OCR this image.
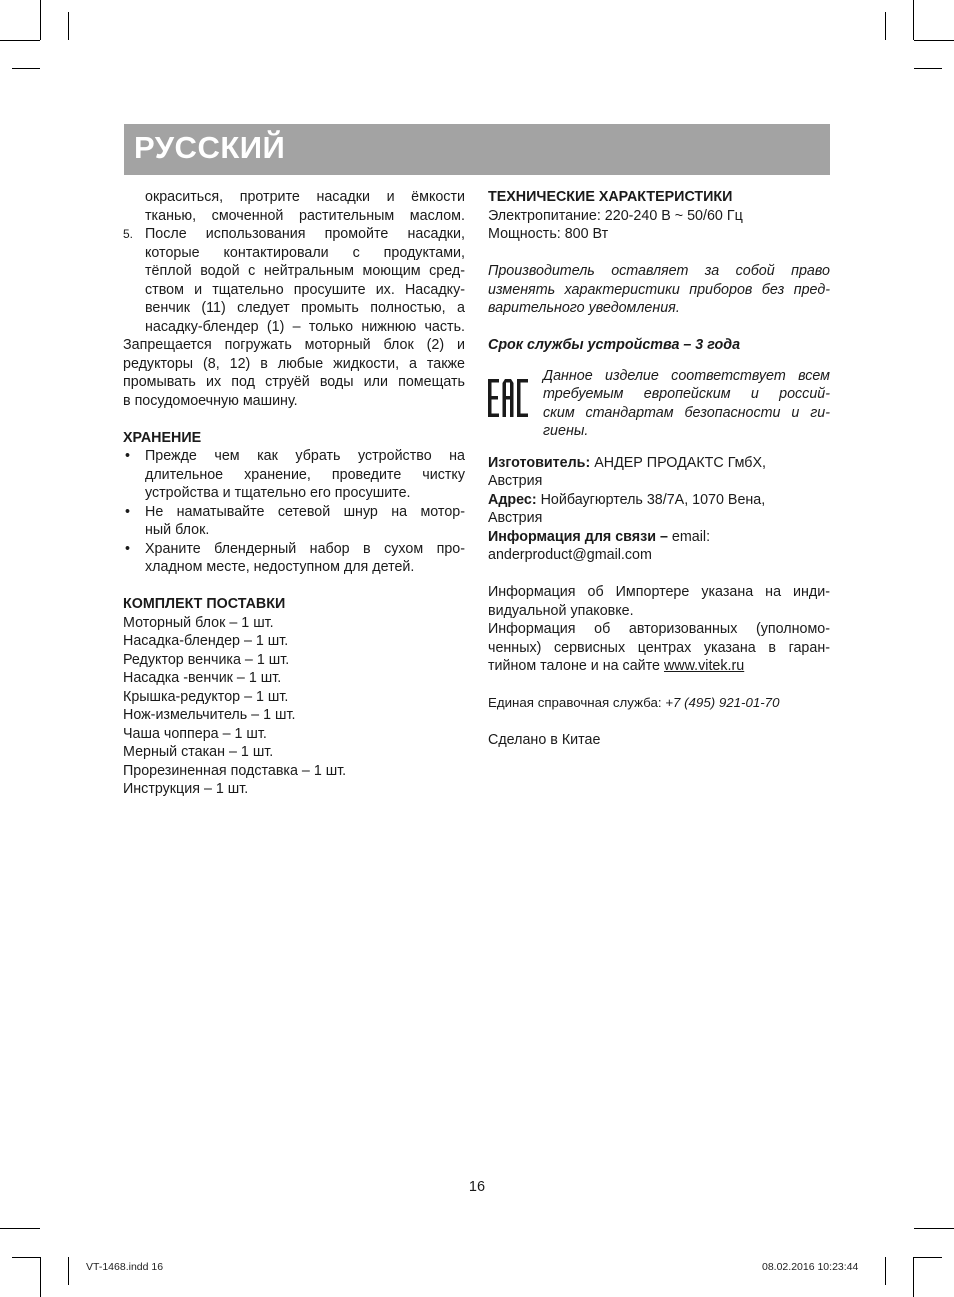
РУССКИЙ
окраситься, протрите насадки и ёмкости
тканью, смоченной растительным маслом.
5. После использования промойте насадки,
которые контактировали с продуктами,
тёплой водой с нейтральным моющим сред-
ством и тщательно просушите их. Насадку-
венчик (11) следует промыть полностью, а
насадку-блендер (1) – только нижнюю часть.
Запрещается погружать моторный блок (2) и
редукторы (8, 12) в любые жидкости, а также
промывать их под струёй воды или помещать
в посудомоечную машину.
ХРАНЕНИЕ
• Прежде чем как убрать устройство на
длительное хранение, проведите чистку
устройства и тщательно его просушите.
• Не наматывайте сетевой шнур на мотор-
ный блок.
• Храните блендерный набор в сухом про-
хладном месте, недоступном для детей.
КОМПЛЕКТ ПОСТАВКИ
Моторный блок – 1 шт.
Насадка-блендер – 1 шт.
Редуктор венчика – 1 шт.
Насадка -венчик – 1 шт.
Крышка-редуктор – 1 шт.
Нож-измельчитель – 1 шт.
Чаша чоппера – 1 шт.
Мерный стакан – 1 шт.
Прорезиненная подставка – 1 шт.
Инструкция – 1 шт.
ТЕХНИЧЕСКИЕ ХАРАКТЕРИСТИКИ
Электропитание: 220-240 В ~ 50/60 Гц
Мощность: 800 Вт
Производитель оставляет за собой право
изменять характеристики приборов без пред-
варительного уведомления.
Срок службы устройства – 3 года
Данное изделие соответствует всем
требуемым европейским и россий-
ским стандартам безопасности и ги-
гиены.
Изготовитель: АНДЕР ПРОДАКТС ГмбХ,
Австрия
Адрес: Нойбаугюртель 38/7А, 1070 Вена,
Австрия
Информация для связи – email:
anderproduct@gmail.com
Информация об Импортере указана на инди-
видуальной упаковке.
Информация об авторизованных (уполномо-
ченных) сервисных центрах указана в гаран-
тийном талоне и на сайте www.vitek.ru
Единая справочная служба: +7 (495) 921-01-70
Сделано в Китае
16
VT-1468.indd 16	08.02.2016 10:23:44
